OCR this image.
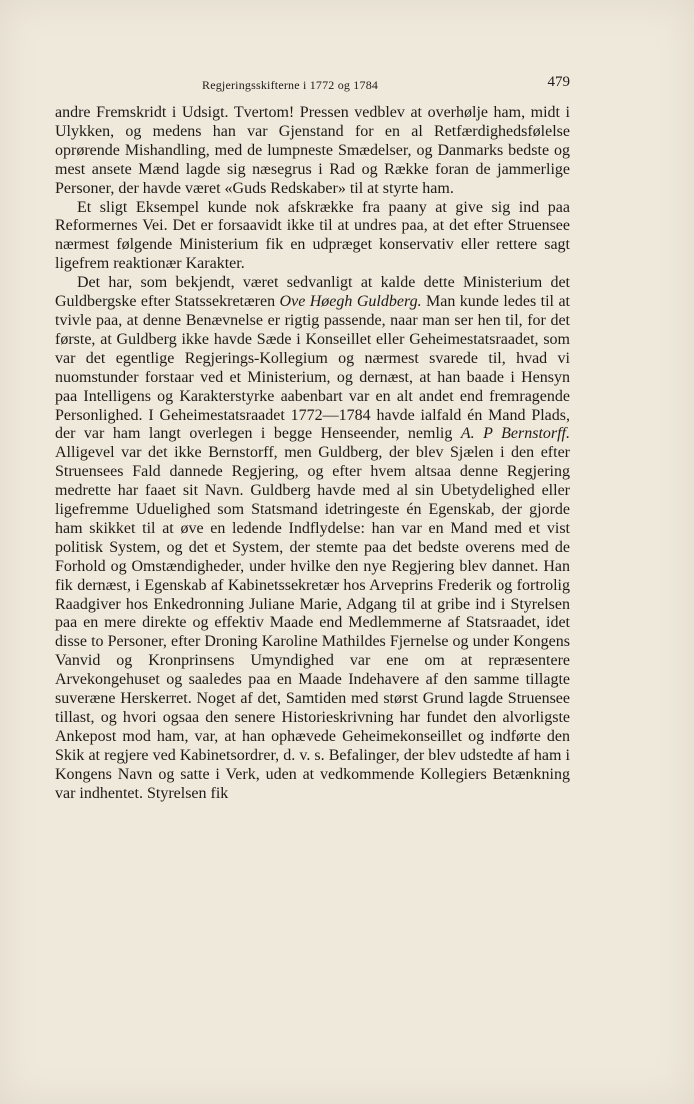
Regjeringsskifterne i 1772 og 1784	479

andre Fremskridt i Udsigt. Tvertom! Pressen vedblev at overhølje ham, midt i Ulykken, og medens han var Gjenstand for en al Retfærdighedsfølelse oprørende Mishandling, med de lumpneste Smædelser, og Danmarks bedste og mest ansete Mænd lagde sig næsegrus i Rad og Række foran de jammerlige Personer, der havde været «Guds Redskaber» til at styrte ham.

Et sligt Eksempel kunde nok afskrække fra paany at give sig ind paa Reformernes Vei. Det er forsaavidt ikke til at undres paa, at det efter Struensee nærmest følgende Ministerium fik en udpræget konservativ eller rettere sagt ligefrem reaktionær Karakter.

Det har, som bekjendt, været sedvanligt at kalde dette Ministerium det Guldbergske efter Statssekretæren Ove Høegh Guldberg. Man kunde ledes til at tvivle paa, at denne Benævnelse er rigtig passende, naar man ser hen til, for det første, at Guldberg ikke havde Sæde i Konseillet eller Geheimestatsraadet, som var det egentlige Regjerings-Kollegium og nærmest svarede til, hvad vi nuomstunder forstaar ved et Ministerium, og dernæst, at han baade i Hensyn paa Intelligens og Karakterstyrke aabenbart var en alt andet end fremragende Personlighed. I Geheimestatsraadet 1772—1784 havde ialfald én Mand Plads, der var ham langt overlegen i begge Henseender, nemlig A. P Bernstorff. Alligevel var det ikke Bernstorff, men Guldberg, der blev Sjælen i den efter Struensees Fald dannede Regjering, og efter hvem altsaa denne Regjering medrette har faaet sit Navn. Guldberg havde med al sin Ubetydelighed eller ligefremme Uduelighed som Statsmand idetringeste én Egenskab, der gjorde ham skikket til at øve en ledende Indflydelse: han var en Mand med et vist politisk System, og det et System, der stemte paa det bedste overens med de Forhold og Omstændigheder, under hvilke den nye Regjering blev dannet. Han fik dernæst, i Egenskab af Kabinetssekretær hos Arveprins Frederik og fortrolig Raadgiver hos Enkedronning Juliane Marie, Adgang til at gribe ind i Styrelsen paa en mere direkte og effektiv Maade end Medlemmerne af Statsraadet, idet disse to Personer, efter Droning Karoline Mathildes Fjernelse og under Kongens Vanvid og Kronprinsens Umyndighed var ene om at repræsentere Arvekongehuset og saaledes paa en Maade Indehavere af den samme tillagte suveræne Herskerret. Noget af det, Samtiden med størst Grund lagde Struensee tillast, og hvori ogsaa den senere Historieskrivning har fundet den alvorligste Ankepost mod ham, var, at han ophævede Geheimekonseillet og indførte den Skik at regjere ved Kabinetsordrer, d. v. s. Befalinger, der blev udstedte af ham i Kongens Navn og satte i Verk, uden at vedkommende Kollegiers Betænkning var indhentet. Styrelsen fik
